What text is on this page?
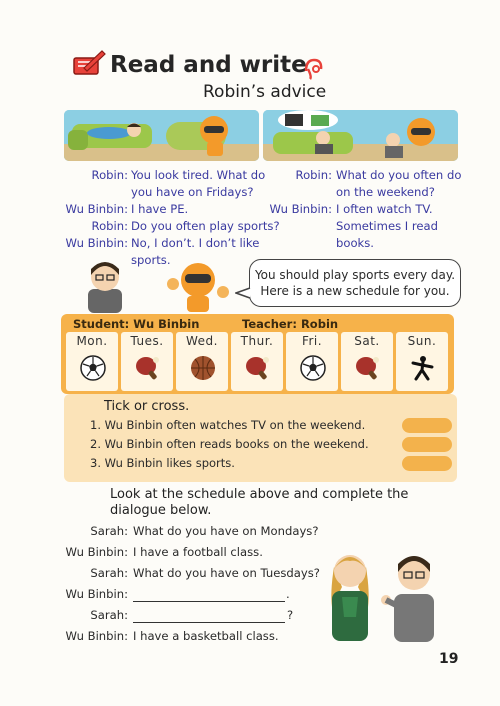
Read and write
Robin’s advice
Robin: You look tired. What do
you have on Fridays?
Wu Binbin: I have PE.
Robin: Do you often play sports?
Wu Binbin: No, I don’t. I don’t like
sports.
Robin: What do you often do
on the weekend?
Wu Binbin: I often watch TV.
Sometimes I read
books.
You should play sports every day.
Here is a new schedule for you.
Student: Wu Binbin	Teacher: Robin
Mon.	Tues.	Wed.	Thur.	Fri.	Sat.	Sun.
Tick or cross.
1. Wu Binbin often watches TV on the weekend.
2. Wu Binbin often reads books on the weekend.
3. Wu Binbin likes sports.
Look at the schedule above and complete the
dialogue below.
Sarah: What do you have on Mondays?
Wu Binbin: I have a football class.
Sarah: What do you have on Tuesdays?
Wu Binbin:	.
Sarah:	?
Wu Binbin: I have a basketball class.
19
